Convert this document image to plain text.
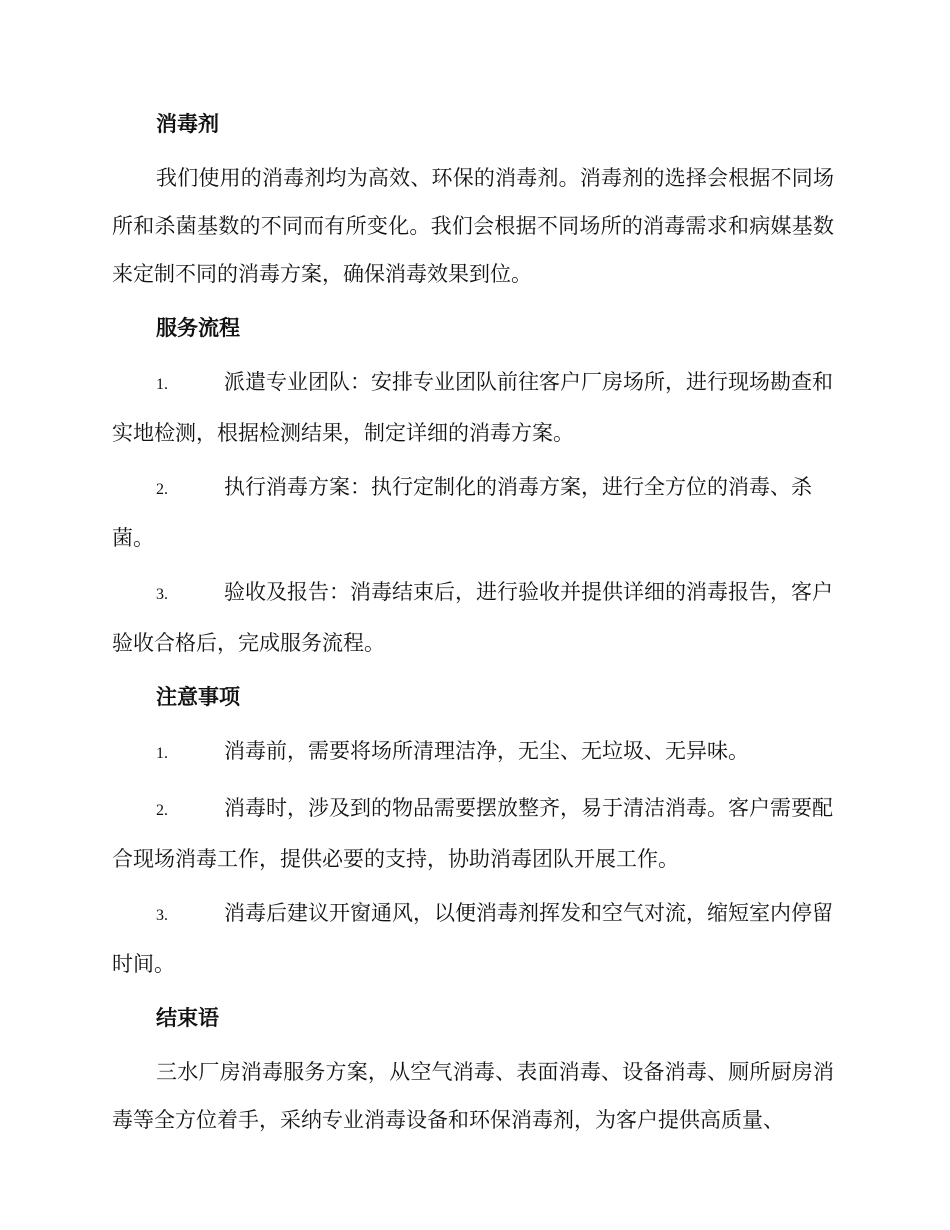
消毒剂

我们使用的消毒剂均为高效、环保的消毒剂。消毒剂的选择会根据不同场所和杀菌基数的不同而有所变化。我们会根据不同场所的消毒需求和病媒基数来定制不同的消毒方案，确保消毒效果到位。

服务流程
1.	派遣专业团队：安排专业团队前往客户厂房场所，进行现场勘查和实地检测，根据检测结果，制定详细的消毒方案。
2.	执行消毒方案：执行定制化的消毒方案，进行全方位的消毒、杀菌。
3.	验收及报告：消毒结束后，进行验收并提供详细的消毒报告，客户验收合格后，完成服务流程。
注意事项
1.	消毒前，需要将场所清理洁净，无尘、无垃圾、无异味。
2.	消毒时，涉及到的物品需要摆放整齐，易于清洁消毒。客户需要配合现场消毒工作，提供必要的支持，协助消毒团队开展工作。
3.	消毒后建议开窗通风，以便消毒剂挥发和空气对流，缩短室内停留时间。
结束语

三水厂房消毒服务方案，从空气消毒、表面消毒、设备消毒、厕所厨房消毒等全方位着手，采纳专业消毒设备和环保消毒剂，为客户提供高质量、
